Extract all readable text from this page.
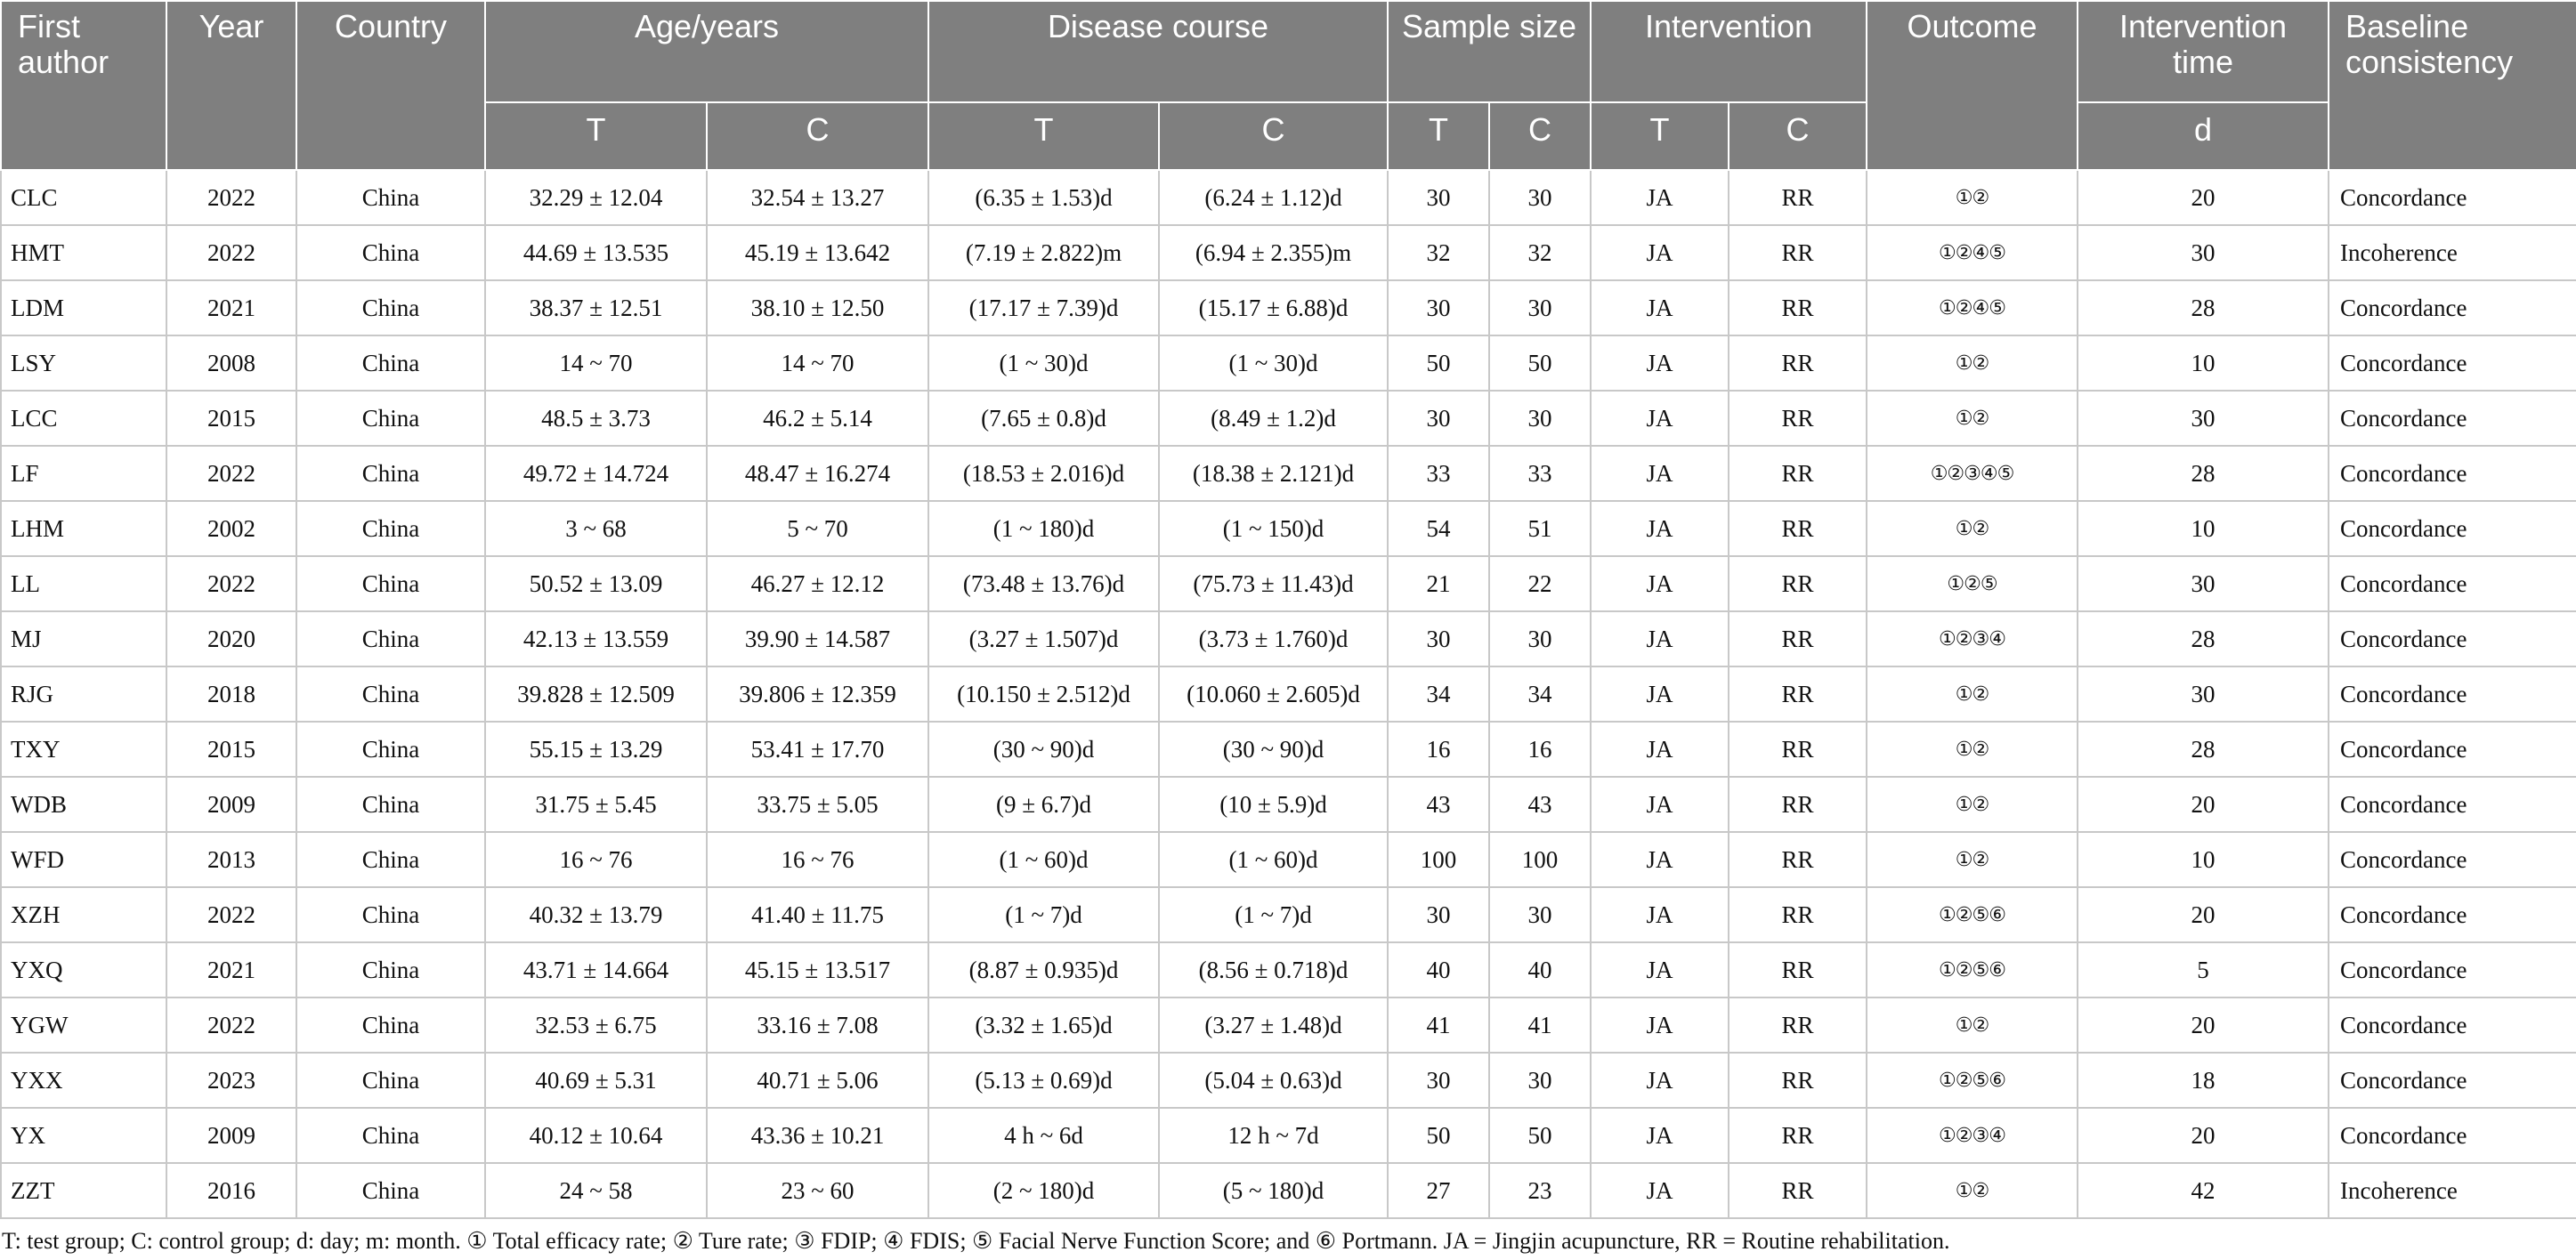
First author	Year	Country	Age/years		Disease course		Sample size		Intervention		Outcome	Intervention time	Baseline consistency
			T	C	T	C	T	C	T	C		d	
CLC	2022	China	32.29 ± 12.04	32.54 ± 13.27	(6.35 ± 1.53)d	(6.24 ± 1.12)d	30	30	JA	RR	①②	20	Concordance
HMT	2022	China	44.69 ± 13.535	45.19 ± 13.642	(7.19 ± 2.822)m	(6.94 ± 2.355)m	32	32	JA	RR	①②④⑤	30	Incoherence
LDM	2021	China	38.37 ± 12.51	38.10 ± 12.50	(17.17 ± 7.39)d	(15.17 ± 6.88)d	30	30	JA	RR	①②④⑤	28	Concordance
LSY	2008	China	14 ~ 70	14 ~ 70	(1 ~ 30)d	(1 ~ 30)d	50	50	JA	RR	①②	10	Concordance
LCC	2015	China	48.5 ± 3.73	46.2 ± 5.14	(7.65 ± 0.8)d	(8.49 ± 1.2)d	30	30	JA	RR	①②	30	Concordance
LF	2022	China	49.72 ± 14.724	48.47 ± 16.274	(18.53 ± 2.016)d	(18.38 ± 2.121)d	33	33	JA	RR	①②③④⑤	28	Concordance
LHM	2002	China	3 ~ 68	5 ~ 70	(1 ~ 180)d	(1 ~ 150)d	54	51	JA	RR	①②	10	Concordance
LL	2022	China	50.52 ± 13.09	46.27 ± 12.12	(73.48 ± 13.76)d	(75.73 ± 11.43)d	21	22	JA	RR	①②⑤	30	Concordance
MJ	2020	China	42.13 ± 13.559	39.90 ± 14.587	(3.27 ± 1.507)d	(3.73 ± 1.760)d	30	30	JA	RR	①②③④	28	Concordance
RJG	2018	China	39.828 ± 12.509	39.806 ± 12.359	(10.150 ± 2.512)d	(10.060 ± 2.605)d	34	34	JA	RR	①②	30	Concordance
TXY	2015	China	55.15 ± 13.29	53.41 ± 17.70	(30 ~ 90)d	(30 ~ 90)d	16	16	JA	RR	①②	28	Concordance
WDB	2009	China	31.75 ± 5.45	33.75 ± 5.05	(9 ± 6.7)d	(10 ± 5.9)d	43	43	JA	RR	①②	20	Concordance
WFD	2013	China	16 ~ 76	16 ~ 76	(1 ~ 60)d	(1 ~ 60)d	100	100	JA	RR	①②	10	Concordance
XZH	2022	China	40.32 ± 13.79	41.40 ± 11.75	(1 ~ 7)d	(1 ~ 7)d	30	30	JA	RR	①②⑤⑥	20	Concordance
YXQ	2021	China	43.71 ± 14.664	45.15 ± 13.517	(8.87 ± 0.935)d	(8.56 ± 0.718)d	40	40	JA	RR	①②⑤⑥	5	Concordance
YGW	2022	China	32.53 ± 6.75	33.16 ± 7.08	(3.32 ± 1.65)d	(3.27 ± 1.48)d	41	41	JA	RR	①②	20	Concordance
YXX	2023	China	40.69 ± 5.31	40.71 ± 5.06	(5.13 ± 0.69)d	(5.04 ± 0.63)d	30	30	JA	RR	①②⑤⑥	18	Concordance
YX	2009	China	40.12 ± 10.64	43.36 ± 10.21	4 h ~ 6d	12 h ~ 7d	50	50	JA	RR	①②③④	20	Concordance
ZZT	2016	China	24 ~ 58	23 ~ 60	(2 ~ 180)d	(5 ~ 180)d	27	23	JA	RR	①②	42	Incoherence
T: test group; C: control group; d: day; m: month. ① Total efficacy rate; ② Ture rate; ③ FDIP; ④ FDIS; ⑤ Facial Nerve Function Score; and ⑥ Portmann. JA = Jingjin acupuncture, RR = Routine rehabilitation.
